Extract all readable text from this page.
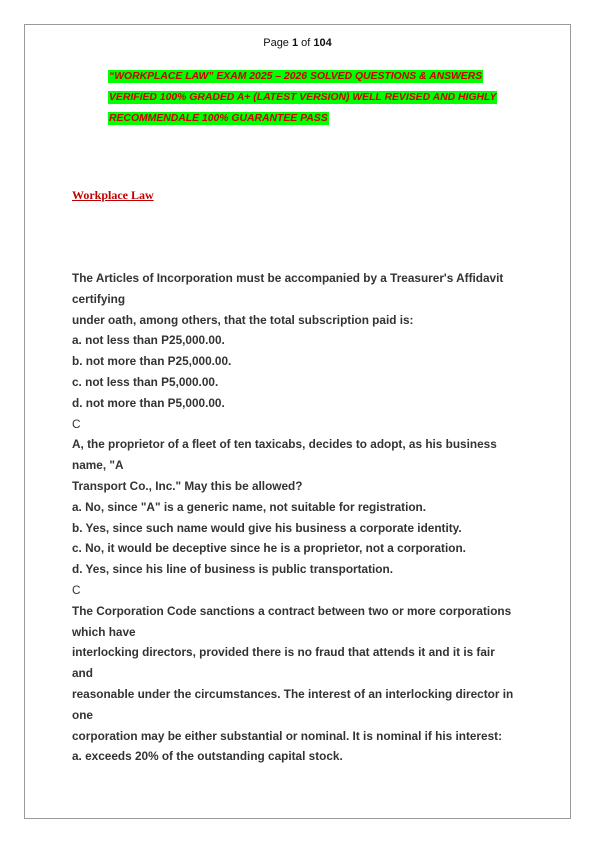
Page 1 of 104
“WORKPLACE LAW” EXAM 2025 – 2026 SOLVED QUESTIONS & ANSWERS
VERIFIED 100% GRADED A+ (LATEST VERSION) WELL REVISED AND HIGHLY
RECOMMENDALE 100% GUARANTEE PASS
Workplace Law
The Articles of Incorporation must be accompanied by a Treasurer's Affidavit
certifying
under oath, among others, that the total subscription paid is:
a. not less than P25,000.00.
b. not more than P25,000.00.
c. not less than P5,000.00.
d. not more than P5,000.00.
C
A, the proprietor of a fleet of ten taxicabs, decides to adopt, as his business
name, "A
Transport Co., Inc." May this be allowed?
a. No, since "A" is a generic name, not suitable for registration.
b. Yes, since such name would give his business a corporate identity.
c. No, it would be deceptive since he is a proprietor, not a corporation.
d. Yes, since his line of business is public transportation.
C
The Corporation Code sanctions a contract between two or more corporations
which have
interlocking directors, provided there is no fraud that attends it and it is fair
and
reasonable under the circumstances. The interest of an interlocking director in
one
corporation may be either substantial or nominal. It is nominal if his interest:
a. exceeds 20% of the outstanding capital stock.
